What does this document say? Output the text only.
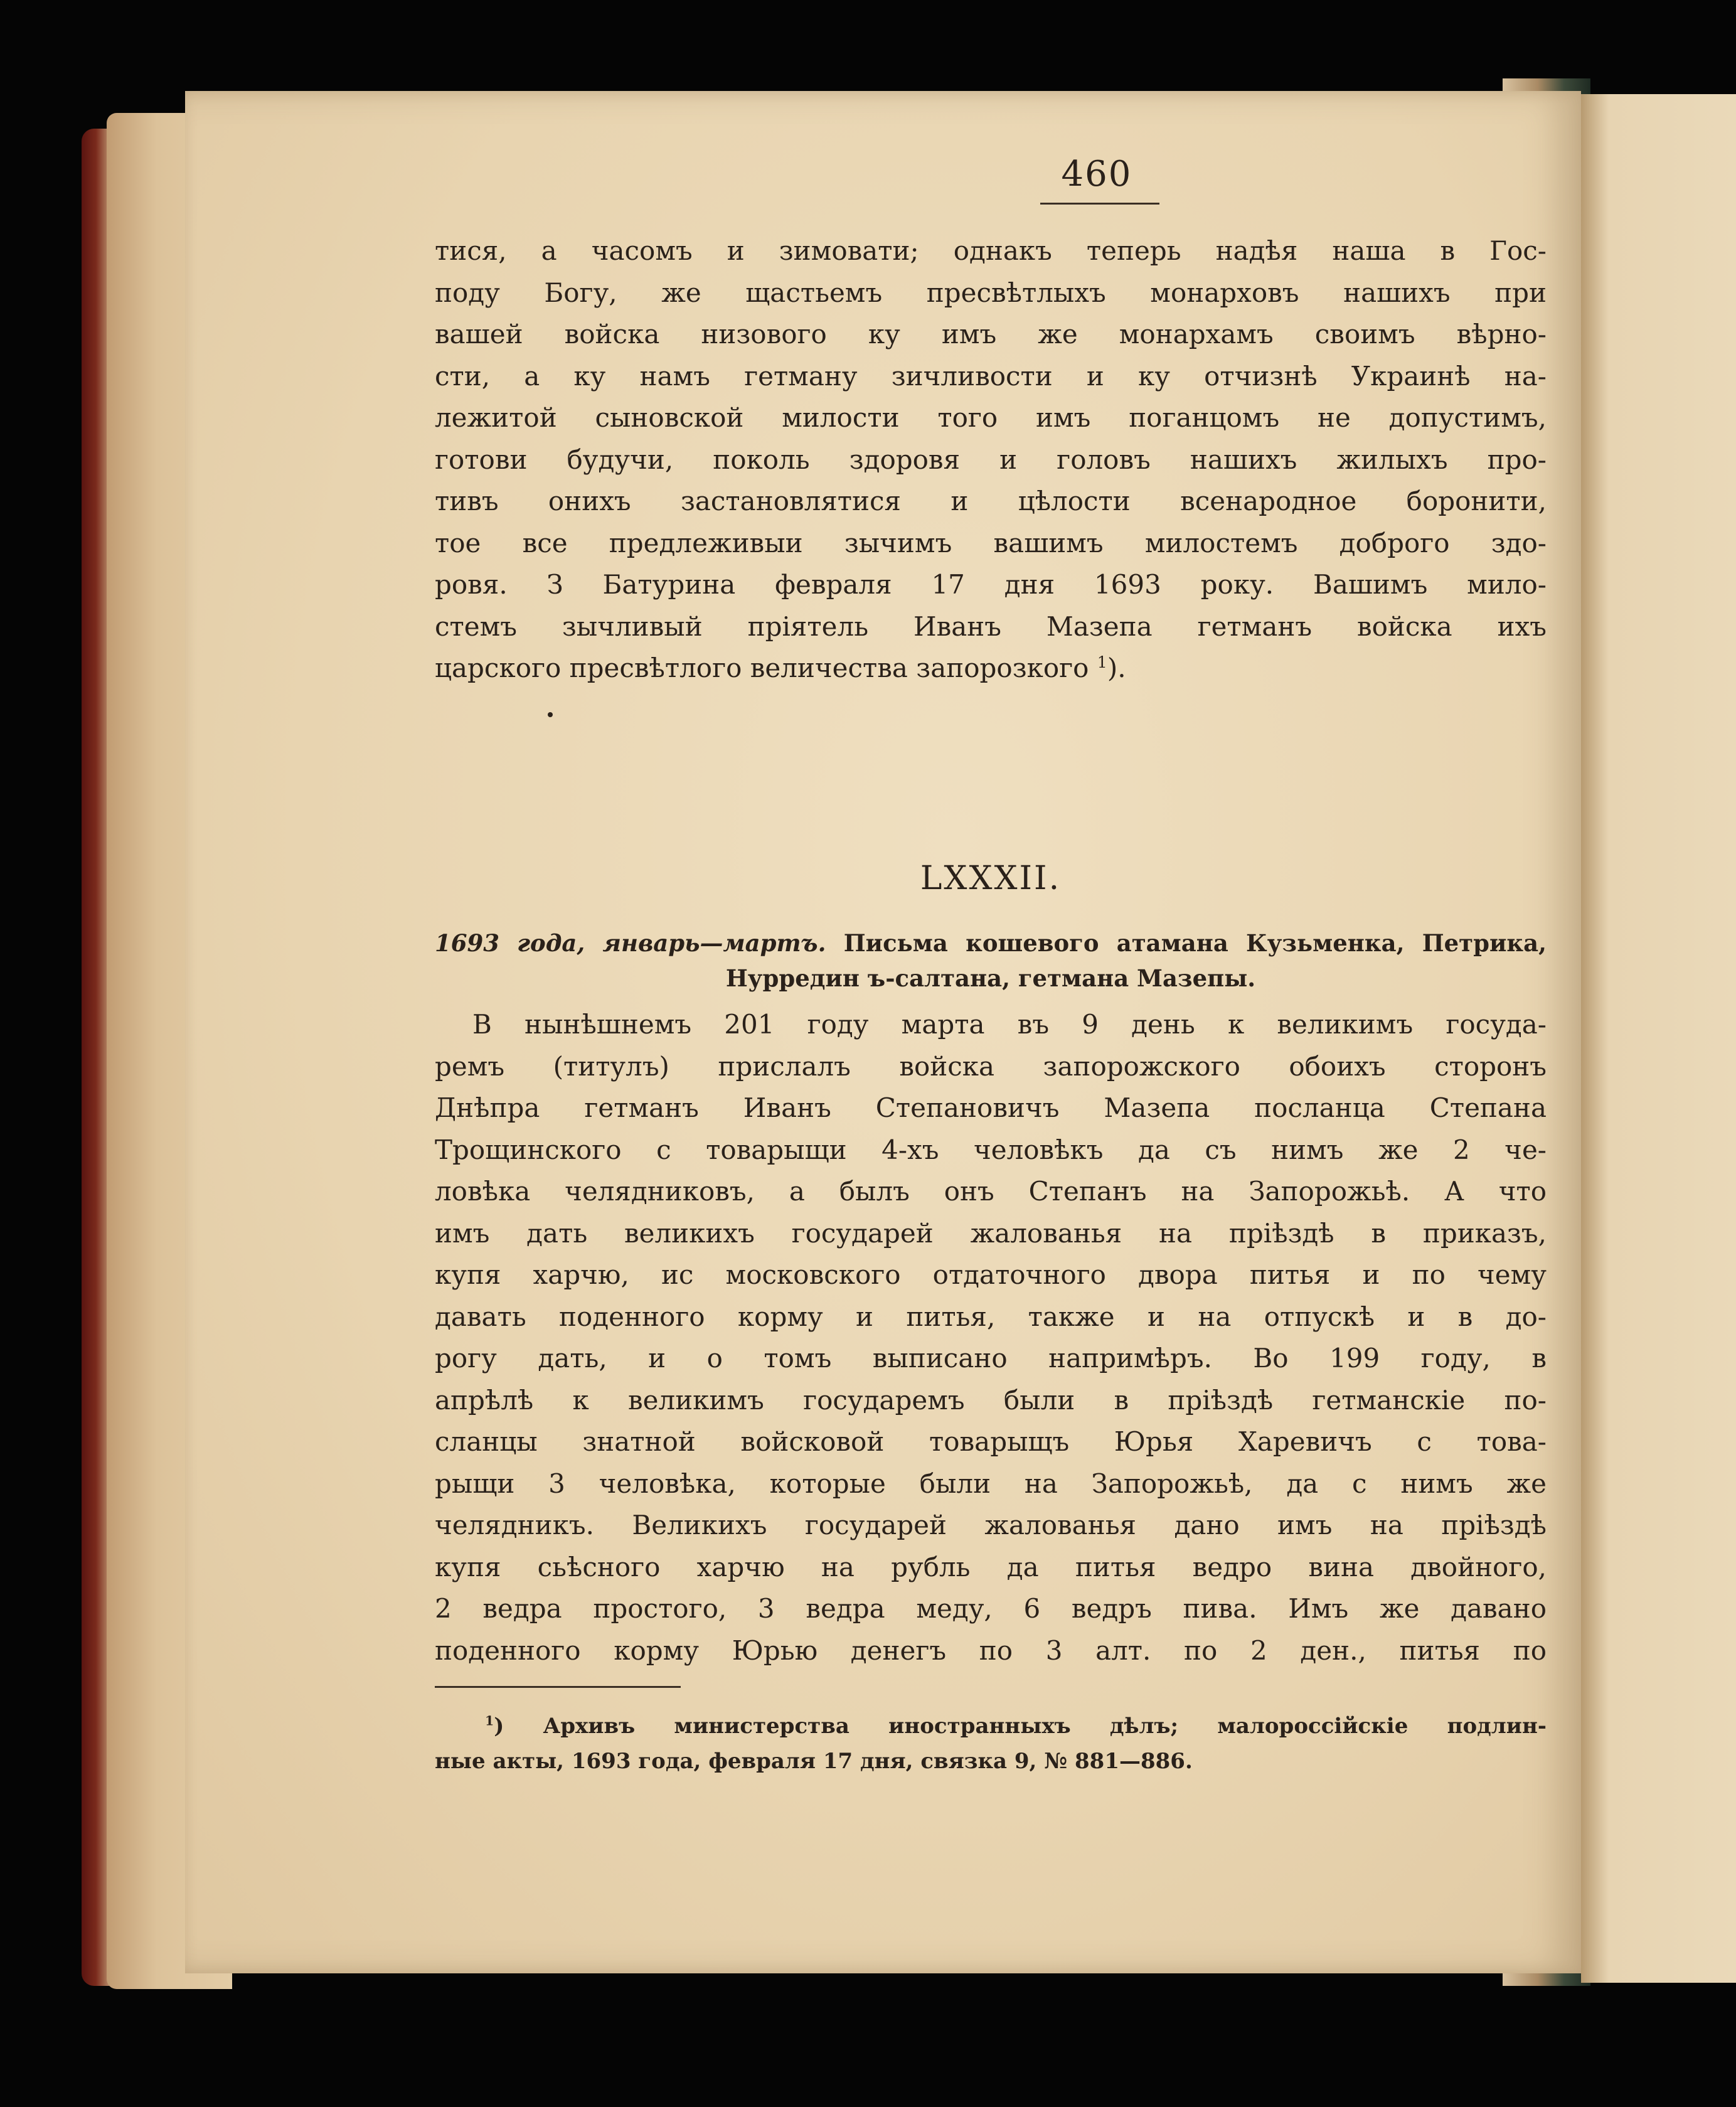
460
тися, а часомъ и зимовати; однакъ теперь надѣя наша в Гос-
поду Богу, же щастьемъ пресвѣтлыхъ монарховъ нашихъ при
вашей войска низового ку имъ же монархамъ своимъ вѣрно-
сти, а ку намъ гетману зичливости и ку отчизнѣ Украинѣ на-
лежитой сыновской милости того имъ поганцомъ не допустимъ,
готови будучи, поколь здоровя и головъ нашихъ жилыхъ про-
тивъ онихъ застановлятися и цѣлости всенародное боронити,
тое все предлеживыи зычимъ вашимъ милостемъ доброго здо-
ровя. З Батурина февраля 17 дня 1693 року. Вашимъ мило-
стемъ зычливый пріятель Иванъ Мазепа гетманъ войска ихъ
царского пресвѣтлого величества запорозкого $^1$).
LXXXII.
1693 года, январь—мартъ. Письма кошевого атамана Кузьменка, Петрика,
Нурредин ъ-салтана, гетмана Мазепы.
В нынѣшнемъ 201 году марта въ 9 день к великимъ госуда-
ремъ (титулъ) прислалъ войска запорожского обоихъ сторонъ
Днѣпра гетманъ Иванъ Степановичъ Мазепа посланца Степана
Трощинского с товарыщи 4-хъ человѣкъ да съ нимъ же 2 че-
ловѣка челядниковъ, а былъ онъ Степанъ на Запорожьѣ. А что
имъ дать великихъ государей жалованья на пріѣздѣ в приказъ,
купя харчю, ис московского отдаточного двора питья и по чему
давать поденного корму и питья, также и на отпускѣ и в до-
рогу дать, и о томъ выписано напримѣръ. Во 199 году, в
апрѣлѣ к великимъ государемъ были в пріѣздѣ гетманскіе по-
сланцы знатной войсковой товарыщъ Юрья Харевичъ с това-
рыщи 3 человѣка, которые были на Запорожьѣ, да с нимъ же
челядникъ. Великихъ государей жалованья дано имъ на пріѣздѣ
купя сьѣсного харчю на рубль да питья ведро вина двойного,
2 ведра простого, 3 ведра меду, 6 ведръ пива. Имъ же давано
поденного корму Юрью денегъ по 3 алт. по 2 ден., питья по
$^1$) Архивъ министерства иностранныхъ дѣлъ; малороссійскіе подлин-
ные акты, 1693 года, февраля 17 дня, связка 9, № 881—886.
